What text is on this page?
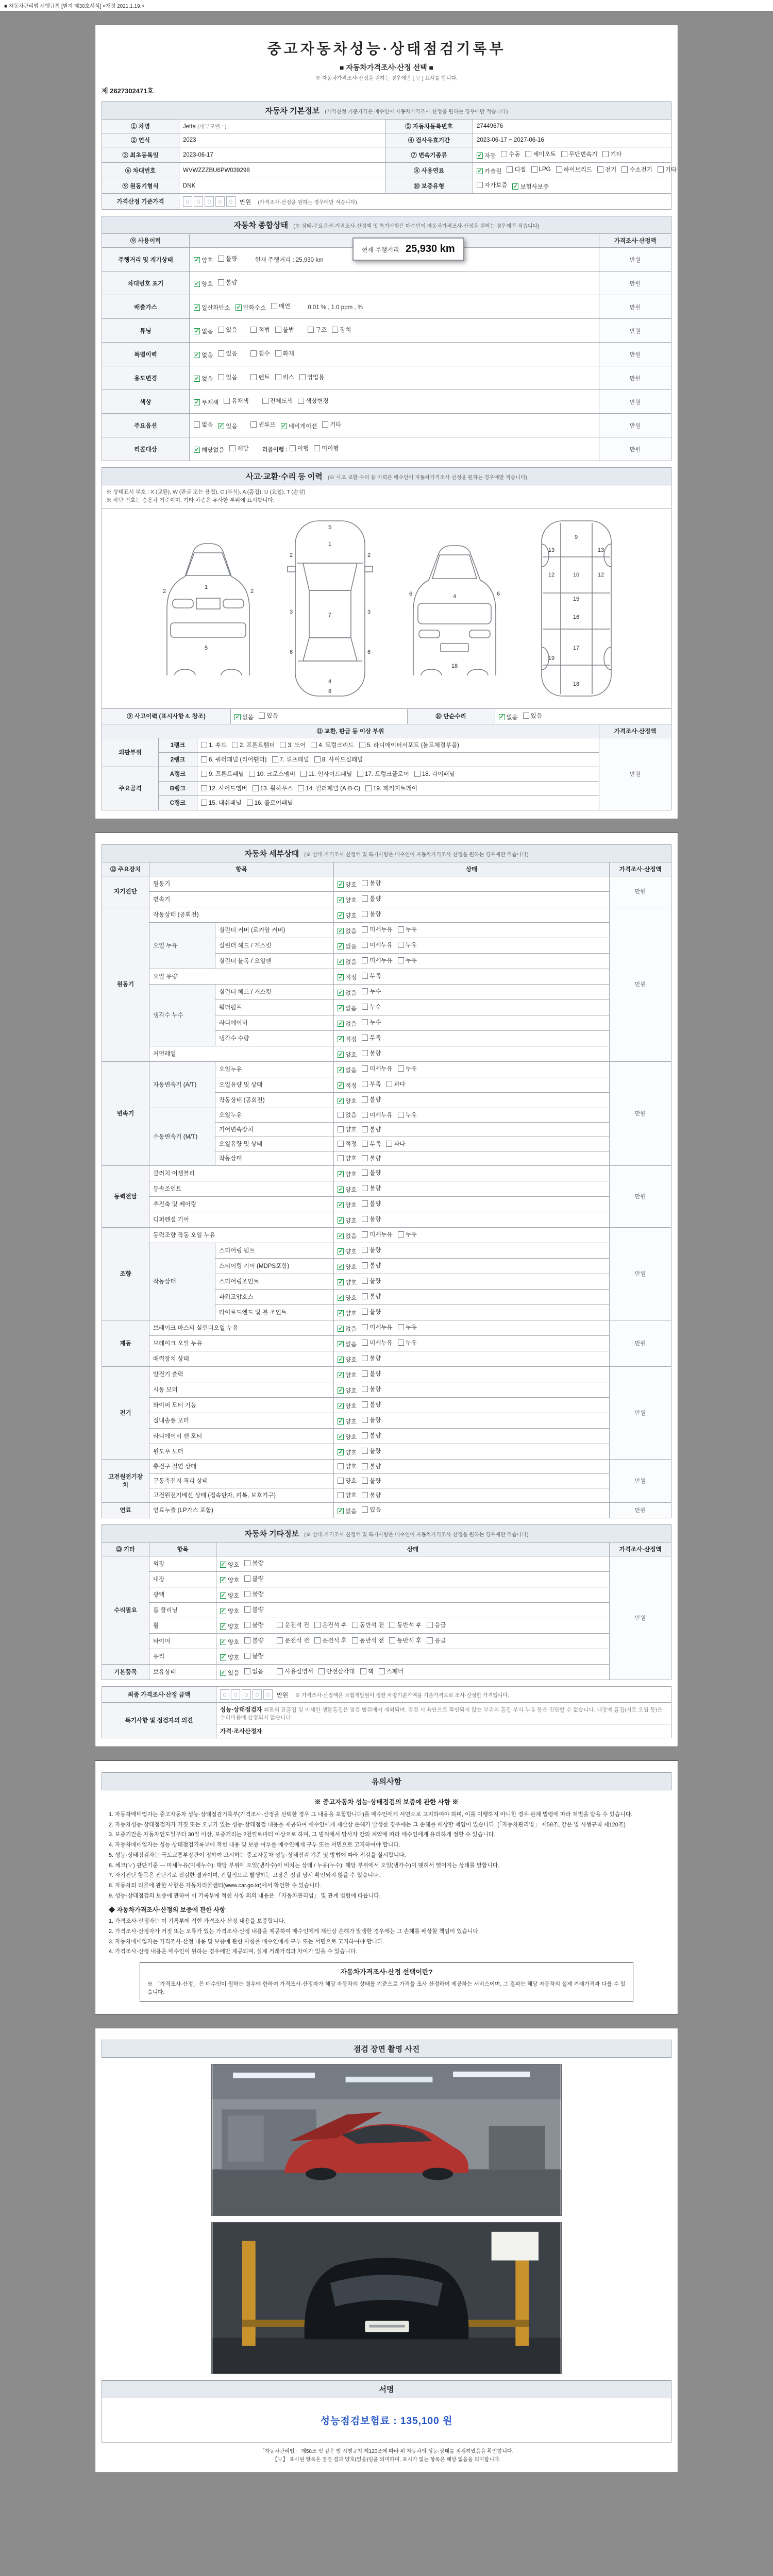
■ 자동차관리법 시행규칙 [별지 제30호서식] <개정 2021.1.19.>
중고자동차성능·상태점검기록부
■ 자동차가격조사·산정 선택 ■
※ 자동차가격조사·산정을 원하는 경우에만 [ ∨ ] 표시를 합니다.
제 2627302471호
자동차 기본정보 (가격산정 기준가격은 매수인이 자동차가격조사·산정을 원하는 경우에만 적습니다)
① 차명	Jetta (세부모델 : )	⑤ 자동차등록번호	27449676
② 연식	2023	④ 검사유효기간	2023-06-17 ~ 2027-06-16
③ 최초등록일	2023-06-17	⑦ 변속기종류	✓ 자동 수동 세미오토 무단변속기 기타

⑥ 차대번호	WVWZZZBU6PW039298	⑧ 사용연료	✓ 가솔린 디젤 LPG 하이브리드 전기 수소전기 기타

⑨ 원동기형식	DNK	⑩ 보증유형	자가보증 ✓ 보험사보증

가격산정 기준가격	0 0 0 0 0 만원 (가격조사·산정을 원하는 경우에만 적습니다)		
자동차 종합상태 (※ 상태·주요옵션·가격조사·산정액 및 특기사항은 매수인이 자동차가격조사·산정을 원하는 경우에만 적습니다)
⑨ 사용이력		가격조사·산정액
주행거리 및 계기상태	✓ 양호 불량 현재 주행거리 : 25,930 km	만원
차대번호 표기	✓ 양호 불량	만원
배출가스	✓ 일산화탄소 ✓ 탄화수소 매연	0.01 % , 1.0 ppm , %	만원
튜닝	✓ 없음 있음	적법 불법	구조 장치	만원
특별이력	✓ 없음 있음 침수 화재	만원
용도변경	✓ 없음 있음	렌트 리스 영업용	만원
색상	✓ 무채색 유채색 전체도색 색상변경	만원
주요옵션	없음 ✓ 있음	썬루프 ✓ 네비게이션 기타	만원
리콜대상	✓ 해당없음 해당 리콜이행 : 이행 미이행	만원
현재 주행거리 25,930 km
사고·교환·수리 등 이력 (※ 사고·교환·수리 등 이력은 매수인이 자동차가격조사·산정을 원하는 경우에만 적습니다)
※ 상태표시 부호 : X (교환), W (판금 또는 용접), C (부식), A (흠집), U (요철), T (손상)
※ 하단 번호는 승용차 기준이며, 기타 차종은 유사한 부위에 표시합니다.
1
5
2	2
1
7
4
2	2
3	3
6	6
5
8
4
6	6
18
9
10
12	12
13	13
15
16
17
18
19
⑨ 사고이력 (표시사항 4. 참조)	✓ 없음 있음	⑩ 단순수리	✓ 없음 있음
⑪ 교환, 판금 등 이상 부위			가격조사·산정액
외판부위	1랭크	1. 후드 2. 프론트휀더 3. 도어 4. 트렁크리드 5. 라디에이터서포트 (볼트체결부품)	만원
	2랭크	6. 쿼터패널 (리어휀더) 7. 루프패널 8. 사이드실패널	

주요골격	A랭크	9. 프론트패널 10. 크로스멤버 11. 인사이드패널 17. 트렁크플로어 18. 리어패널	

	B랭크	12. 사이드멤버 13. 휠하우스 14. 필러패널 (A·B·C) 19. 패키지트레이	

	C랭크	15. 대쉬패널 16. 플로어패널	
자동차 세부상태 (※ 상태·가격조사·산정액 및 특기사항은 매수인이 자동차가격조사·산정을 원하는 경우에만 적습니다)
⑫ 주요장치	항목		상태	가격조사·산정액
자기진단	원동기		✓ 양호 불량	만원
	변속기		✓ 양호 불량	

원동기	작동상태 (공회전)		✓ 양호 불량	만원
	오일 누유	실린더 커버 (로커암 커버)	✓ 없음 미세누유 누유	

		실린더 헤드 / 개스킷	✓ 없음 미세누유 누유	

		실린더 블록 / 오일팬	✓ 없음 미세누유 누유	

	오일 유량		✓ 적정 부족	

	냉각수 누수	실린더 헤드 / 개스킷	✓ 없음 누수	

		워터펌프	✓ 없음 누수	

		라디에이터	✓ 없음 누수	

		냉각수 수량	✓ 적정 부족	

	커먼레일		✓ 양호 불량	

변속기	자동변속기 (A/T)	오일누유	✓ 없음 미세누유 누유	만원
		오일유량 및 상태	✓ 적정 부족 과다	

		작동상태 (공회전)	✓ 양호 불량	

	수동변속기 (M/T)	오일누유	없음 미세누유 누유	

		기어변속장치	양호 불량	

		오일유량 및 상태	적정 부족 과다	

		작동상태	양호 불량	

동력전달	클러치 어셈블리		✓ 양호 불량	만원
	등속조인트		✓ 양호 불량	

	추진축 및 베어링		✓ 양호 불량	

	디퍼렌셜 기어		✓ 양호 불량	

조향	동력조향 작동 오일 누유		✓ 없음 미세누유 누유	만원
	작동상태	스티어링 펌프	✓ 양호 불량	

		스티어링 기어 (MDPS포함)	✓ 양호 불량	

		스티어링조인트	✓ 양호 불량	

		파워고압호스	✓ 양호 불량	

		타이로드엔드 및 볼 조인트	✓ 양호 불량	

제동	브레이크 마스터 실린더오일 누유		✓ 없음 미세누유 누유	만원
	브레이크 오일 누유		✓ 없음 미세누유 누유	

	배력장치 상태		✓ 양호 불량	

전기	발전기 출력		✓ 양호 불량	만원
	시동 모터		✓ 양호 불량	

	와이퍼 모터 기능		✓ 양호 불량	

	실내송풍 모터		✓ 양호 불량	

	라디에이터 팬 모터		✓ 양호 불량	

	윈도우 모터		✓ 양호 불량	

고전원전기장치	충전구 절연 상태		양호 불량	만원
	구동축전지 격리 상태		양호 불량	

	고전원전기배선 상태 (접속단자, 피복, 보호기구)		양호 불량	

연료	연료누출 (LP가스 포함)		✓ 없음 있음	만원
자동차 기타정보 (※ 상태·가격조사·산정액 및 특기사항은 매수인이 자동차가격조사·산정을 원하는 경우에만 적습니다)
⑬ 기타	항목	상태	가격조사·산정액
수리필요	외장	✓ 양호 불량	만원
	내장	✓ 양호 불량	

	광택	✓ 양호 불량	

	룸 클리닝	✓ 양호 불량	

휠	✓ 양호 불량	운전석 전 운전석 후 동반석 전 동반석 후 응급

타이어	✓ 양호 불량	운전석 전 운전석 후 동반석 전 동반석 후 응급

	유리	✓ 양호 불량	

기본품목	보유상태	✓ 있음 없음	사용설명서 안전삼각대 잭 스패너
최종 가격조사·산정 금액	0 0 0 0 0 만원 ※ 가격조사·산정액은 보험개발원이 정한 차량기준가액을 기준가격으로 조사·산정한 가격입니다.
특기사항 및 점검자의 의견	성능·상태점검자 외판의 잔흠집 및 미세한 생활흠집은 점검 범위에서 제외되며, 점검 시 육안으로 확인되지 않는 부위의 흠집·부식·누유 등은 진단할 수 없습니다. 내장재 흠집(시트 오염 등)은 수리비용에 산정되지 않습니다.
	가격·조사산정자
유의사항
※ 중고자동차 성능·상태점검의 보증에 관한 사항 ※

1. 자동차매매업자는 중고자동차 성능·상태점검기록부(가격조사·산정을 선택한 경우 그 내용을 포함합니다)를 매수인에게 서면으로 고지하여야 하며, 이를 이행하지 아니한 경우 관계 법령에 따라 처벌을 받을 수 있습니다.

2. 자동차성능·상태점검자가 거짓 또는 오류가 있는 성능·상태점검 내용을 제공하여 매수인에게 재산상 손해가 발생한 경우에는 그 손해를 배상할 책임이 있습니다. (「자동차관리법」 제58조, 같은 법 시행규칙 제120조)

3. 보증기간은 자동차인도일부터 30일 이상, 보증거리는 2천킬로미터 이상으로 하며, 그 범위에서 당사자 간의 계약에 따라 매수인에게 유리하게 정할 수 있습니다.

4. 자동차매매업자는 성능·상태점검기록부에 적힌 내용 및 보증 여부를 매수인에게 구두 또는 서면으로 고지하여야 합니다.

5. 성능·상태점검자는 국토교통부장관이 정하여 고시하는 중고자동차 성능·상태점검 기준 및 방법에 따라 점검을 실시합니다.

6. 체크(∨) 판단기준 — 미세누유(미세누수): 해당 부위에 오일(냉각수)이 비치는 상태 / 누유(누수): 해당 부위에서 오일(냉각수)이 맺혀서 떨어지는 상태를 말합니다.

7. 자기진단 항목은 진단기로 점검한 결과이며, 간헐적으로 발생하는 고장은 점검 당시 확인되지 않을 수 있습니다.

8. 자동차의 리콜에 관한 사항은 자동차리콜센터(www.car.go.kr)에서 확인할 수 있습니다.

9. 성능·상태점검의 보증에 관하여 이 기록부에 적힌 사항 외의 내용은 「자동차관리법」 및 관계 법령에 따릅니다.

◆ 자동차가격조사·산정의 보증에 관한 사항

1. 가격조사·산정자는 이 기록부에 적힌 가격조사·산정 내용을 보증합니다.

2. 가격조사·산정자가 거짓 또는 오류가 있는 가격조사·산정 내용을 제공하여 매수인에게 재산상 손해가 발생한 경우에는 그 손해를 배상할 책임이 있습니다.

3. 자동차매매업자는 가격조사·산정 내용 및 보증에 관한 사항을 매수인에게 구두 또는 서면으로 고지하여야 합니다.

4. 가격조사·산정 내용은 매수인이 원하는 경우에만 제공되며, 실제 거래가격과 차이가 있을 수 있습니다.

자동차가격조사·산정 선택이란?
※ 「가격조사·산정」은 매수인이 원하는 경우에 한하여 가격조사·산정자가 해당 자동차의 상태를 기준으로 가격을 조사·산정하여 제공하는 서비스이며, 그 결과는 해당 자동차의 실제 거래가격과 다를 수 있습니다.
점검 장면 촬영 사진
서명
성능점검보험료 : 135,100 원
「자동차관리법」 제58조 및 같은 법 시행규칙 제120조에 따라 위 자동차의 성능·상태를 점검하였음을 확인합니다.
【∨】 표시된 항목은 점검 결과 양호(없음)임을 의미하며, 표시가 없는 항목은 해당 없음을 의미합니다.
